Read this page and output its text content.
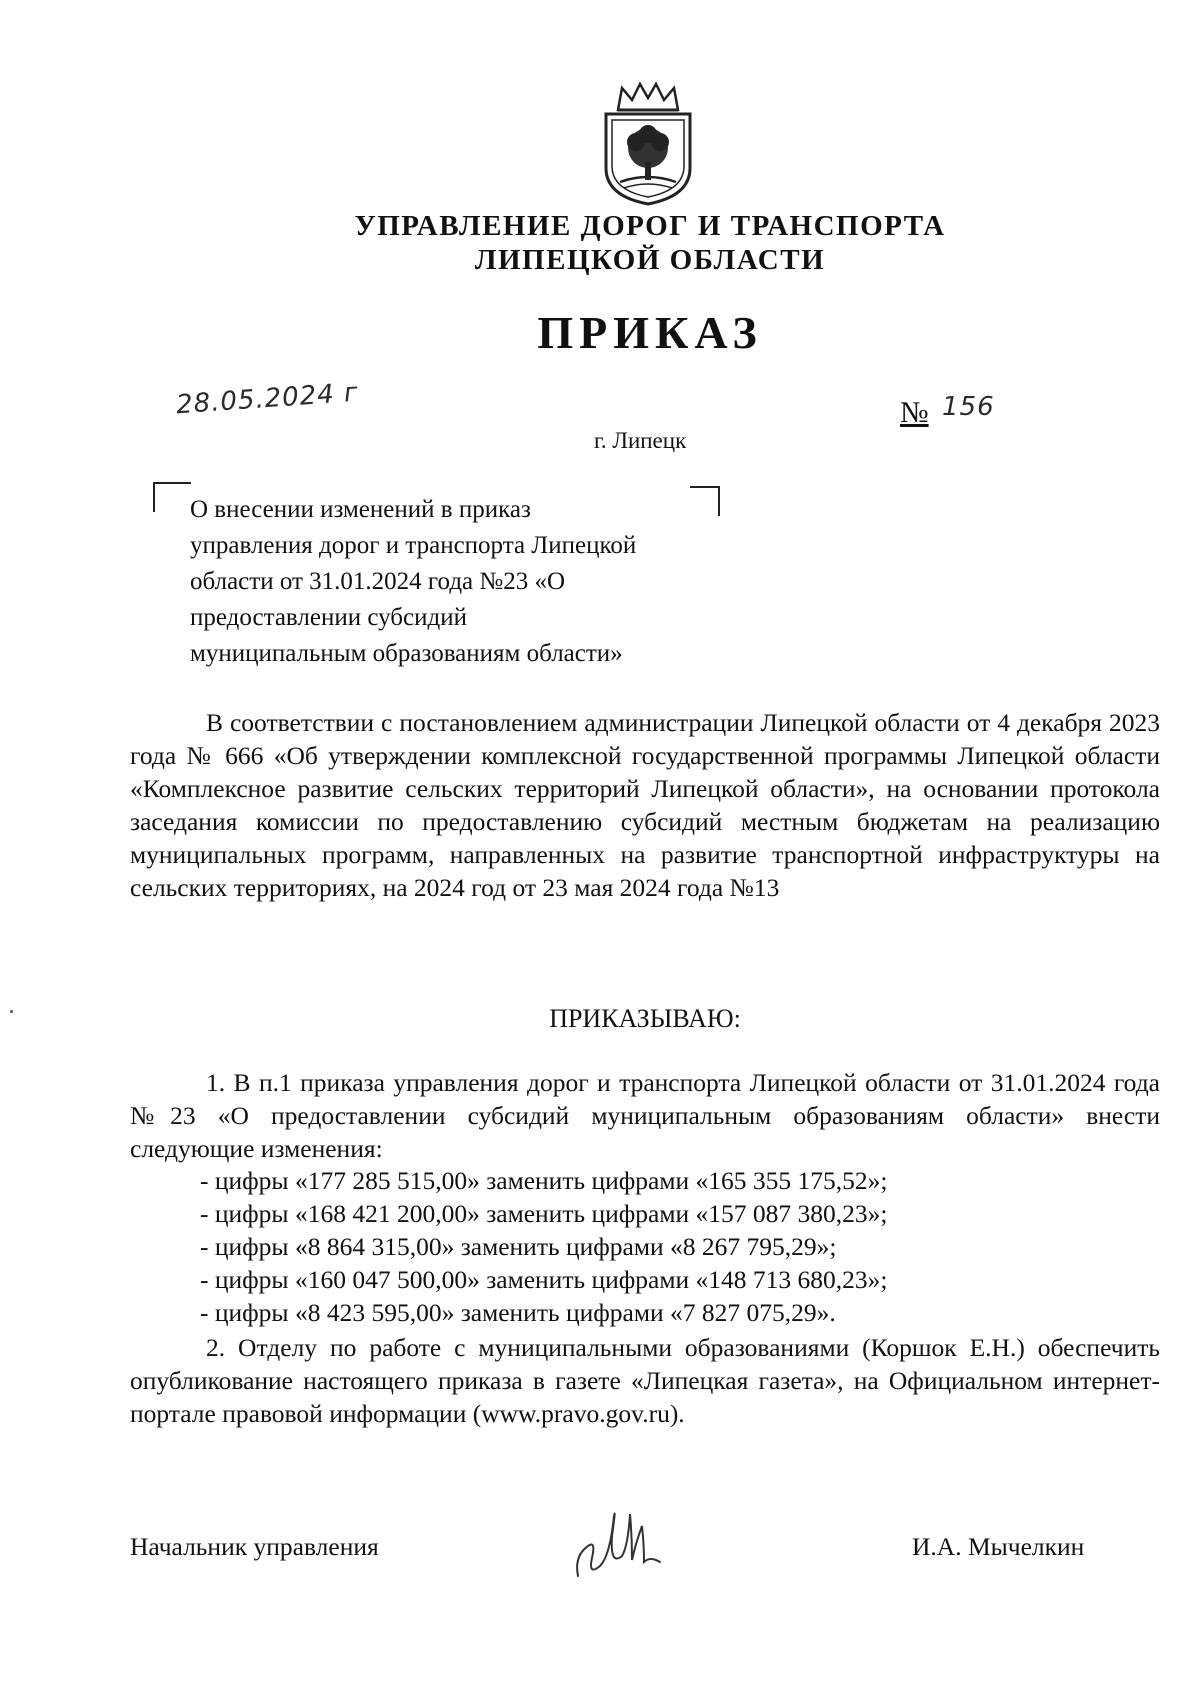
УПРАВЛЕНИЕ ДОРОГ И ТРАНСПОРТА
ЛИПЕЦКОЙ ОБЛАСТИ
ПРИКАЗ
28.05.2024 г	№ 156
г. Липецк
О внесении изменений в приказ
управления дорог и транспорта Липецкой
области от 31.01.2024 года №23 «О
предоставлении субсидий
муниципальным образованиям области»
В соответствии с постановлением администрации Липецкой области от 4 декабря 2023 года № 666 «Об утверждении комплексной государственной программы Липецкой области «Комплексное развитие сельских территорий Липецкой области», на основании протокола заседания комиссии по предоставлению субсидий местным бюджетам на реализацию муниципальных программ, направленных на развитие транспортной инфраструктуры на сельских территориях, на 2024 год от 23 мая 2024 года №13
ПРИКАЗЫВАЮ:
1. В п.1 приказа управления дорог и транспорта Липецкой области от 31.01.2024 года №23 «О предоставлении субсидий муниципальным образованиям области» внести следующие изменения:
- цифры «177 285 515,00» заменить цифрами «165 355 175,52»;
- цифры «168 421 200,00» заменить цифрами «157 087 380,23»;
- цифры «8 864 315,00» заменить цифрами «8 267 795,29»;
- цифры «160 047 500,00» заменить цифрами «148 713 680,23»;
- цифры «8 423 595,00» заменить цифрами «7 827 075,29».
2. Отделу по работе с муниципальными образованиями (Коршок Е.Н.) обеспечить опубликование настоящего приказа в газете «Липецкая газета», на Официальном интернет-портале правовой информации (www.pravo.gov.ru).
Начальник управления	И.А. Мычелкин
